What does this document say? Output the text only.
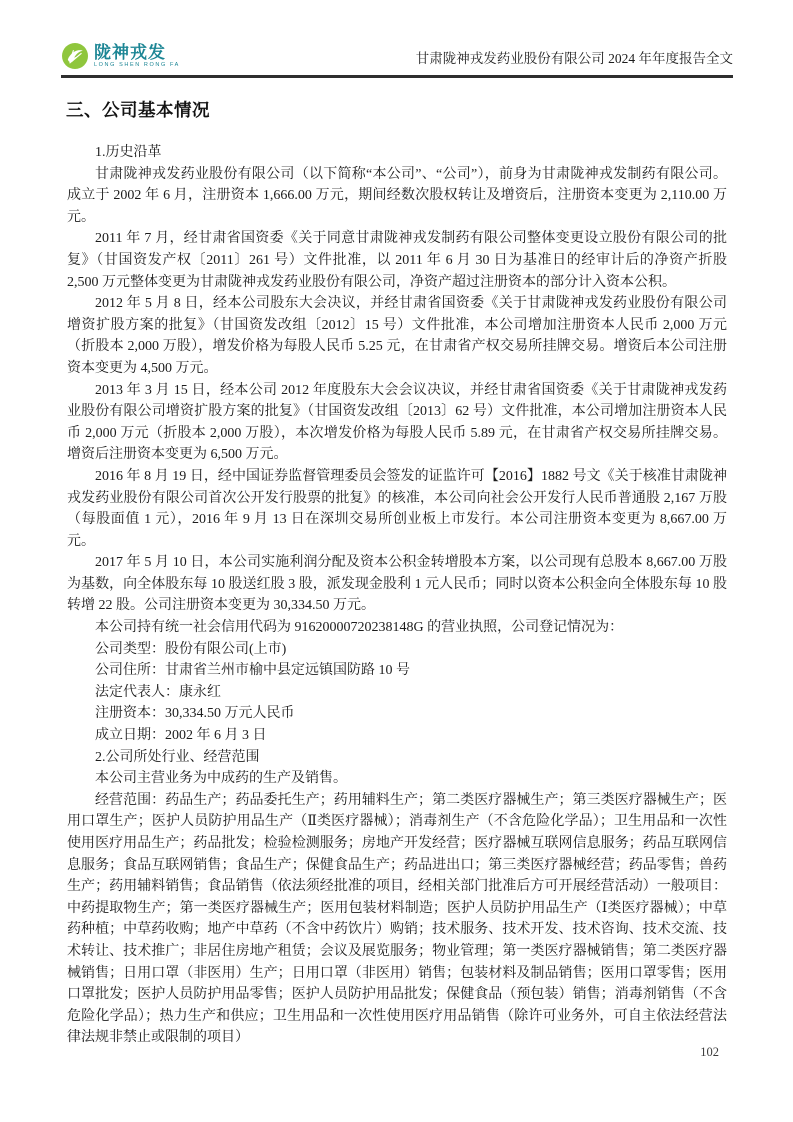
陇神戎发
LONG SHEN RONG FA	甘肃陇神戎发药业股份有限公司 2024 年年度报告全文
三、公司基本情况

1.历史沿革

甘肃陇神戎发药业股份有限公司（以下简称“本公司”、“公司”），前身为甘肃陇神戎发制药有限公司。成立于 2002 年 6 月，注册资本 1,666.00 万元，期间经数次股权转让及增资后，注册资本变更为 2,110.00 万元。

2011 年 7 月，经甘肃省国资委《关于同意甘肃陇神戎发制药有限公司整体变更设立股份有限公司的批复》（甘国资发产权〔2011〕261 号）文件批准，以 2011 年 6 月 30 日为基准日的经审计后的净资产折股 2,500 万元整体变更为甘肃陇神戎发药业股份有限公司，净资产超过注册资本的部分计入资本公积。

2012 年 5 月 8 日，经本公司股东大会决议，并经甘肃省国资委《关于甘肃陇神戎发药业股份有限公司增资扩股方案的批复》（甘国资发改组〔2012〕15 号）文件批准，本公司增加注册资本人民币 2,000 万元（折股本 2,000 万股），增发价格为每股人民币 5.25 元，在甘肃省产权交易所挂牌交易。增资后本公司注册资本变更为 4,500 万元。

2013 年 3 月 15 日，经本公司 2012 年度股东大会会议决议，并经甘肃省国资委《关于甘肃陇神戎发药业股份有限公司增资扩股方案的批复》（甘国资发改组〔2013〕62 号）文件批准，本公司增加注册资本人民币 2,000 万元（折股本 2,000 万股），本次增发价格为每股人民币 5.89 元，在甘肃省产权交易所挂牌交易。增资后注册资本变更为 6,500 万元。

2016 年 8 月 19 日，经中国证券监督管理委员会签发的证监许可【2016】1882 号文《关于核准甘肃陇神戎发药业股份有限公司首次公开发行股票的批复》的核准，本公司向社会公开发行人民币普通股 2,167 万股（每股面值 1 元），2016 年 9 月 13 日在深圳交易所创业板上市发行。本公司注册资本变更为 8,667.00 万元。

2017 年 5 月 10 日，本公司实施利润分配及资本公积金转增股本方案，以公司现有总股本 8,667.00 万股为基数，向全体股东每 10 股送红股 3 股，派发现金股利 1 元人民币；同时以资本公积金向全体股东每 10 股转增 22 股。公司注册资本变更为 30,334.50 万元。

本公司持有统一社会信用代码为 91620000720238148G 的营业执照，公司登记情况为：

公司类型：股份有限公司(上市)

公司住所：甘肃省兰州市榆中县定远镇国防路 10 号

法定代表人：康永红

注册资本：30,334.50 万元人民币

成立日期：2002 年 6 月 3 日

2.公司所处行业、经营范围

本公司主营业务为中成药的生产及销售。

经营范围：药品生产；药品委托生产；药用辅料生产；第二类医疗器械生产；第三类医疗器械生产；医用口罩生产；医护人员防护用品生产（Ⅱ类医疗器械）；消毒剂生产（不含危险化学品）；卫生用品和一次性使用医疗用品生产；药品批发；检验检测服务；房地产开发经营；医疗器械互联网信息服务；药品互联网信息服务；食品互联网销售；食品生产；保健食品生产；药品进出口；第三类医疗器械经营；药品零售；兽药生产；药用辅料销售；食品销售（依法须经批准的项目，经相关部门批准后方可开展经营活动）一般项目：中药提取物生产；第一类医疗器械生产；医用包装材料制造；医护人员防护用品生产（Ⅰ类医疗器械）；中草药种植；中草药收购；地产中草药（不含中药饮片）购销；技术服务、技术开发、技术咨询、技术交流、技术转让、技术推广；非居住房地产租赁；会议及展览服务；物业管理；第一类医疗器械销售；第二类医疗器械销售；日用口罩（非医用）生产；日用口罩（非医用）销售；包装材料及制品销售；医用口罩零售；医用口罩批发；医护人员防护用品零售；医护人员防护用品批发；保健食品（预包装）销售；消毒剂销售（不含危险化学品）；热力生产和供应；卫生用品和一次性使用医疗用品销售（除许可业务外，可自主依法经营法律法规非禁止或限制的项目）

102
